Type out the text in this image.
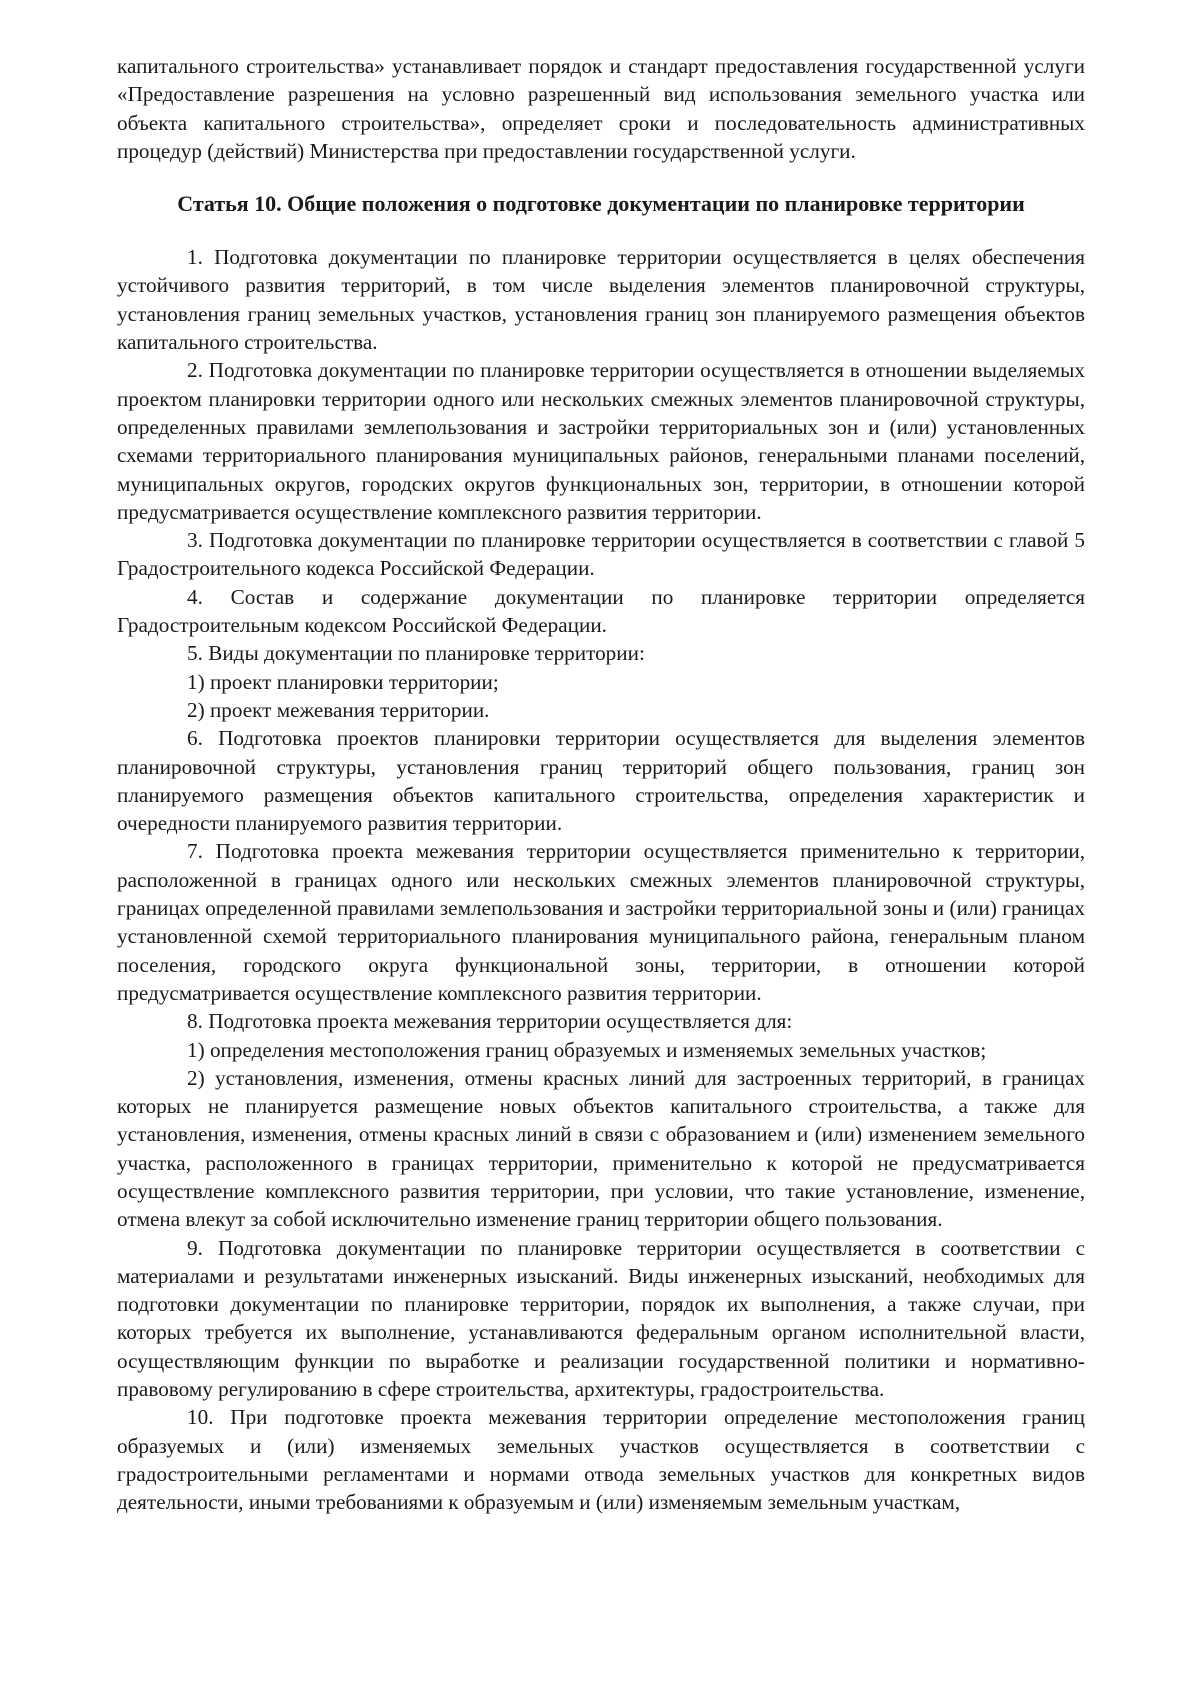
капитального строительства» устанавливает порядок и стандарт предоставления государственной услуги «Предоставление разрешения на условно разрешенный вид использования земельного участка или объекта капитального строительства», определяет сроки и последовательность административных процедур (действий) Министерства при предоставлении государственной услуги.

Статья 10. Общие положения о подготовке документации по планировке территории

1. Подготовка документации по планировке территории осуществляется в целях обеспечения устойчивого развития территорий, в том числе выделения элементов планировочной структуры, установления границ земельных участков, установления границ зон планируемого размещения объектов капитального строительства.

2. Подготовка документации по планировке территории осуществляется в отношении выделяемых проектом планировки территории одного или нескольких смежных элементов планировочной структуры, определенных правилами землепользования и застройки территориальных зон и (или) установленных схемами территориального планирования муниципальных районов, генеральными планами поселений, муниципальных округов, городских округов функциональных зон, территории, в отношении которой предусматривается осуществление комплексного развития территории.

3. Подготовка документации по планировке территории осуществляется в соответствии с главой 5 Градостроительного кодекса Российской Федерации.

4. Состав и содержание документации по планировке территории определяется Градостроительным кодексом Российской Федерации.

5. Виды документации по планировке территории:

1) проект планировки территории;

2) проект межевания территории.

6. Подготовка проектов планировки территории осуществляется для выделения элементов планировочной структуры, установления границ территорий общего пользования, границ зон планируемого размещения объектов капитального строительства, определения характеристик и очередности планируемого развития территории.

7. Подготовка проекта межевания территории осуществляется применительно к территории, расположенной в границах одного или нескольких смежных элементов планировочной структуры, границах определенной правилами землепользования и застройки территориальной зоны и (или) границах установленной схемой территориального планирования муниципального района, генеральным планом поселения, городского округа функциональной зоны, территории, в отношении которой предусматривается осуществление комплексного развития территории.

8. Подготовка проекта межевания территории осуществляется для:

1) определения местоположения границ образуемых и изменяемых земельных участков;

2) установления, изменения, отмены красных линий для застроенных территорий, в границах которых не планируется размещение новых объектов капитального строительства, а также для установления, изменения, отмены красных линий в связи с образованием и (или) изменением земельного участка, расположенного в границах территории, применительно к которой не предусматривается осуществление комплексного развития территории, при условии, что такие установление, изменение, отмена влекут за собой исключительно изменение границ территории общего пользования.

9. Подготовка документации по планировке территории осуществляется в соответствии с материалами и результатами инженерных изысканий. Виды инженерных изысканий, необходимых для подготовки документации по планировке территории, порядок их выполнения, а также случаи, при которых требуется их выполнение, устанавливаются федеральным органом исполнительной власти, осуществляющим функции по выработке и реализации государственной политики и нормативно-правовому регулированию в сфере строительства, архитектуры, градостроительства.

10. При подготовке проекта межевания территории определение местоположения границ образуемых и (или) изменяемых земельных участков осуществляется в соответствии с градостроительными регламентами и нормами отвода земельных участков для конкретных видов деятельности, иными требованиями к образуемым и (или) изменяемым земельным участкам,
